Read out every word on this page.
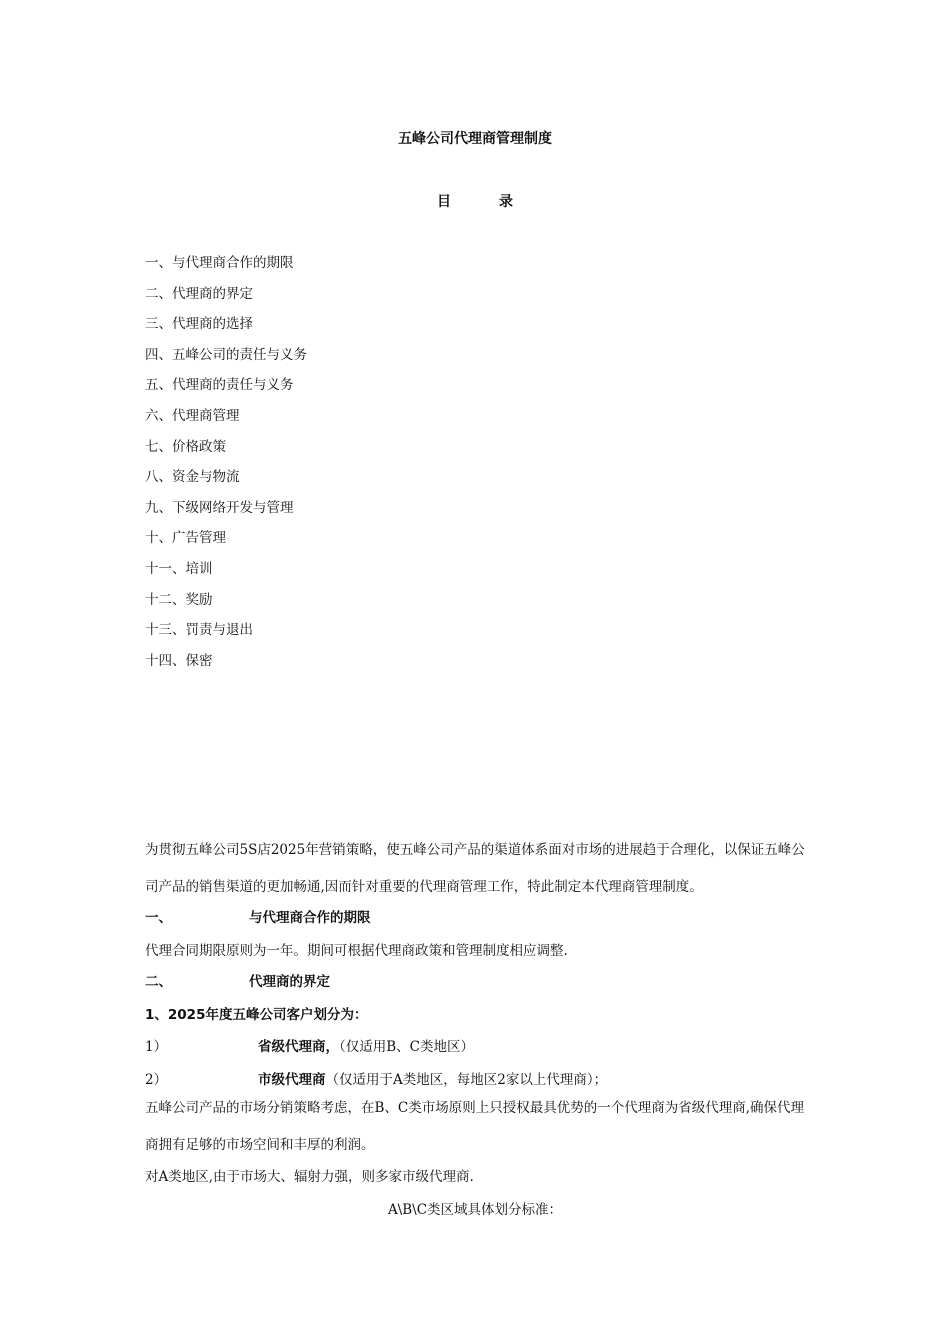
五峰公司代理商管理制度
目	录
一、与代理商合作的期限
二、代理商的界定
三、代理商的选择
四、五峰公司的责任与义务
五、代理商的责任与义务
六、代理商管理
七、价格政策
八、资金与物流
九、下级网络开发与管理
十、广告管理
十一、培训
十二、奖励
十三、罚责与退出
十四、保密
为贯彻五峰公司5S店2025年营销策略，使五峰公司产品的渠道体系面对市场的进展趋于合理化，以保证五峰公司产品的销售渠道的更加畅通,因而针对重要的代理商管理工作，特此制定本代理商管理制度。
一、	与代理商合作的期限
代理合同期限原则为一年。期间可根据代理商政策和管理制度相应调整.
二、	代理商的界定
1、2025年度五峰公司客户划分为：
1）	省级代理商，（仅适用B、C类地区）
2）	市级代理商（仅适用于A类地区，每地区2家以上代理商）；
五峰公司产品的市场分销策略考虑，在B、C类市场原则上只授权最具优势的一个代理商为省级代理商,确保代理商拥有足够的市场空间和丰厚的利润。
对A类地区,由于市场大、辐射力强，则多家市级代理商.
A\B\C类区域具体划分标准：
